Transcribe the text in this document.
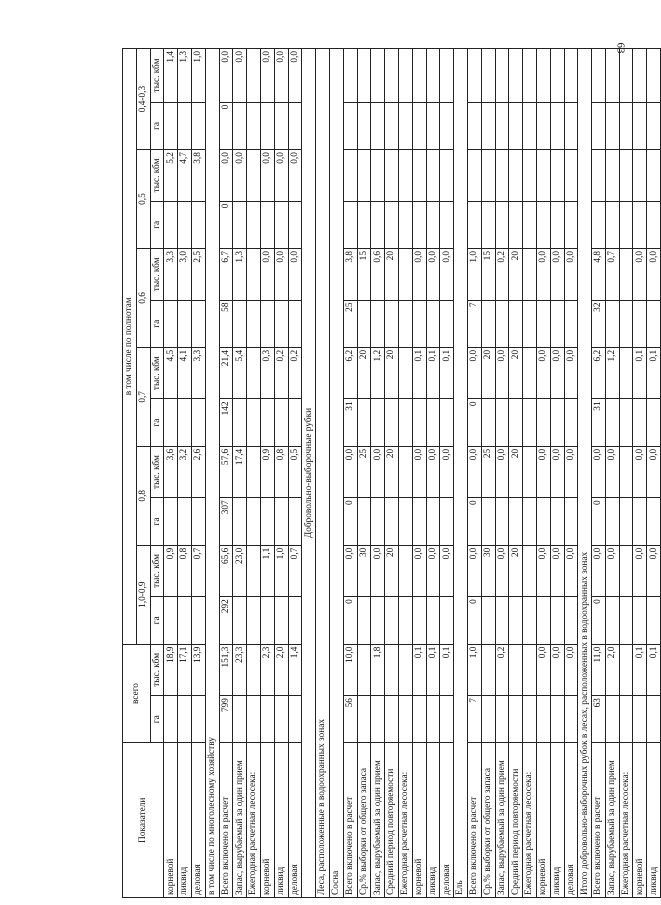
63
Показатели	всего		в том числе по полнотам											
			1,0-0,9		0,8		0,7		0,6		0,5		0,4-0,3	
	га	тыс. кбм	га	тыс. кбм	га	тыс. кбм	га	тыс. кбм	га	тыс. кбм	га	тыс. кбм	га	тыс. кбм
корневой		18,9		0,9		3,6		4,5		3,3		5,2		1,4
ликвид		17,1		0,8		3,2		4,1		3,0		4,7		1,3
деловая		13,9		0,7		2,6		3,3		2,5		3,8		1,0
в том числе по многолесному хозяйству														
Всего включено в расчет	799	151,3	292	65,6	307	57,6	142	21,4	58	6,7	0	0,0	0	0,0
Запас, вырубаемый за один прием		23,3		23,0		17,4		5,4		1,3		0,0		0,0
Ежегодная расчетная лесосека:														
корневой		2,3		1,1		0,9		0,3		0,0		0,0		0,0
ликвид		2,0		1,0		0,8		0,2		0,0		0,0		0,0
деловая		1,4		0,7		0,5		0,2		0,0		0,0		0,0
Добровольно-выборочные рубки														
Леса, расположенные в водоохранных зонах														
Сосна														
Всего включено в расчет	56	10,0	0	0,0	0	0,0	31	6,2	25	3,8				
Ср.% выборки от общего запаса				30		25		20		15				
Запас, вырубаемый за один прием		1,8		0,0		0,0		1,2		0,6				
Средний период повторяемости				20		20		20		20				
Ежегодная расчетная лесосека:														
корневой		0,1		0,0		0,0		0,1		0,0				
ликвид		0,1		0,0		0,0		0,1		0,0				
деловая		0,1		0,0		0,0		0,1		0,0				
Ель														
Всего включено в расчет	7	1,0	0	0,0	0	0,0	0	0,0	7	1,0				
Ср.% выборки от общего запаса				30		25		20		15				
Запас, вырубаемый за один прием		0,2		0,0		0,0		0,0		0,2				
Средний период повторяемости				20		20		20		20				
Ежегодная расчетная лесосека:														
корневой		0,0		0,0		0,0		0,0		0,0				
ликвид		0,0		0,0		0,0		0,0		0,0				
деловая		0,0		0,0		0,0		0,0		0,0				
Итого добровольно-выборочных рубок в лесах, расположенных в водоохранных зонах														
Всего включено в расчет	63	11,0	0	0,0	0	0,0	31	6,2	32	4,8				
Запас, вырубаемый за один прием		2,0		0,0		0,0		1,2		0,7				
Ежегодная расчетная лесосека:														
корневой		0,1		0,0		0,0		0,1		0,0				
ликвид		0,1		0,0		0,0		0,1		0,0				
